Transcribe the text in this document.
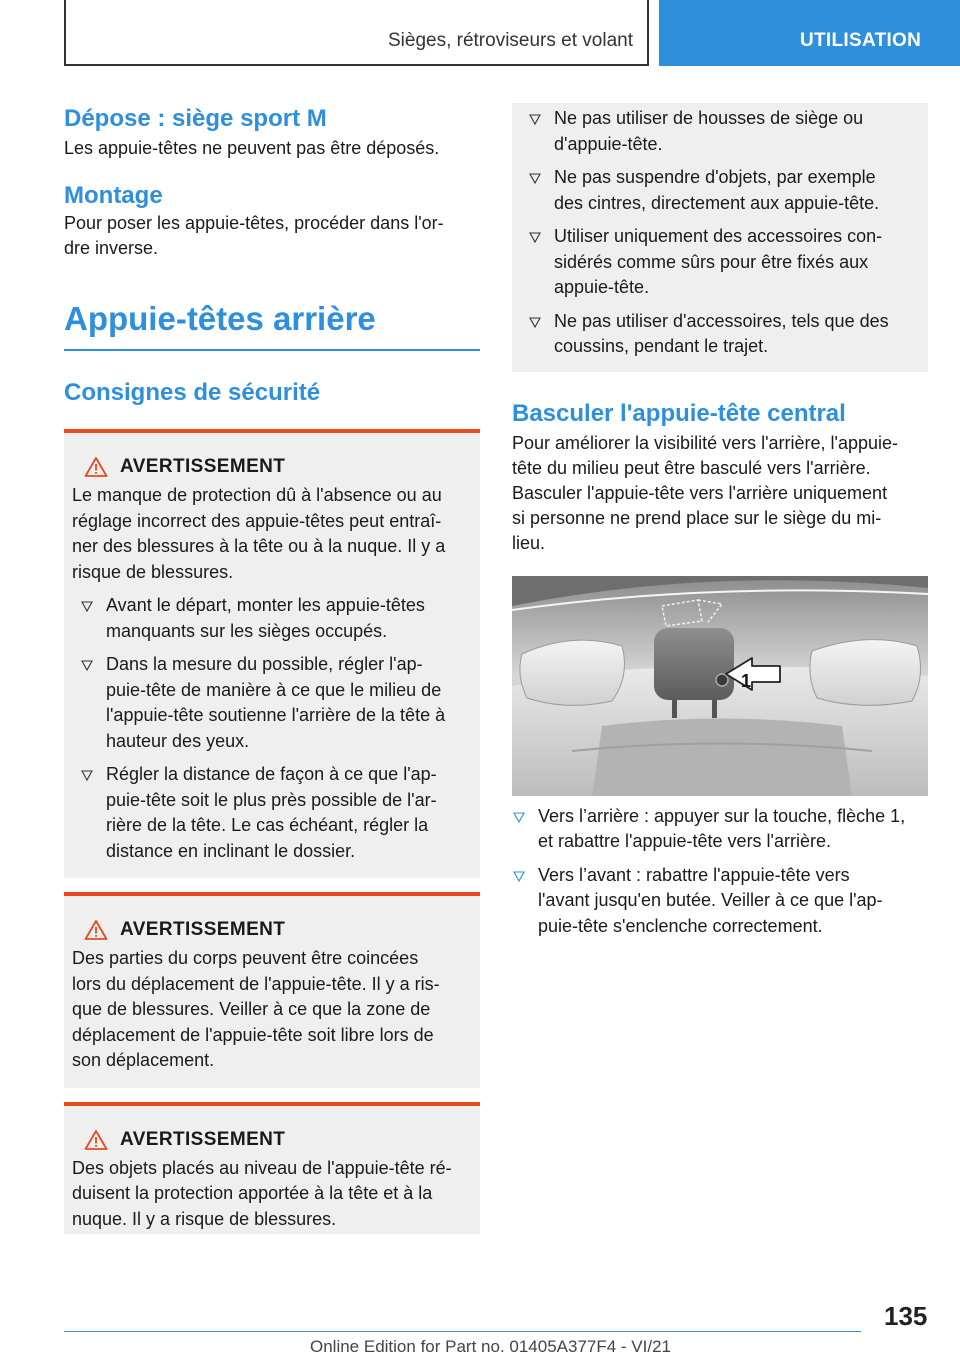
Sièges, rétroviseurs et volant	UTILISATION
Dépose : siège sport M
Les appuie-têtes ne peuvent pas être déposés.
Montage
Pour poser les appuie-têtes, procéder dans l'or‐
dre inverse.
Appuie‐têtes arrière
Consignes de sécurité
AVERTISSEMENT
Le manque de protection dû à l'absence ou au
réglage incorrect des appuie‐têtes peut entraî‐
ner des blessures à la tête ou à la nuque. Il y a
risque de blessures.
Avant le départ, monter les appuie‐têtes
manquants sur les sièges occupés.
Dans la mesure du possible, régler l'ap‐
puie‐tête de manière à ce que le milieu de
l'appuie‐tête soutienne l'arrière de la tête à
hauteur des yeux.
Régler la distance de façon à ce que l'ap‐
puie‐tête soit le plus près possible de l'ar‐
rière de la tête. Le cas échéant, régler la
distance en inclinant le dossier.
AVERTISSEMENT
Des parties du corps peuvent être coincées
lors du déplacement de l'appuie‐tête. Il y a ris‐
que de blessures. Veiller à ce que la zone de
déplacement de l'appuie‐tête soit libre lors de
son déplacement.
AVERTISSEMENT
Des objets placés au niveau de l'appuie‐tête ré‐
duisent la protection apportée à la tête et à la
nuque. Il y a risque de blessures.
Ne pas utiliser de housses de siège ou
d'appuie‐tête.
Ne pas suspendre d'objets, par exemple
des cintres, directement aux appuie‐tête.
Utiliser uniquement des accessoires con‐
sidérés comme sûrs pour être fixés aux
appuie‐tête.
Ne pas utiliser d'accessoires, tels que des
coussins, pendant le trajet.
Basculer l'appuie‐tête central
Pour améliorer la visibilité vers l'arrière, l'appuie‐
tête du milieu peut être basculé vers l'arrière.
Basculer l'appuie‐tête vers l'arrière uniquement
si personne ne prend place sur le siège du mi‐
lieu.
1
Vers l’arrière : appuyer sur la touche, flèche 1,
et rabattre l'appuie‐tête vers l'arrière.
Vers l’avant : rabattre l'appuie‐tête vers
l'avant jusqu'en butée. Veiller à ce que l'ap‐
puie‐tête s'enclenche correctement.
135
Online Edition for Part no. 01405A377F4 - VI/21
